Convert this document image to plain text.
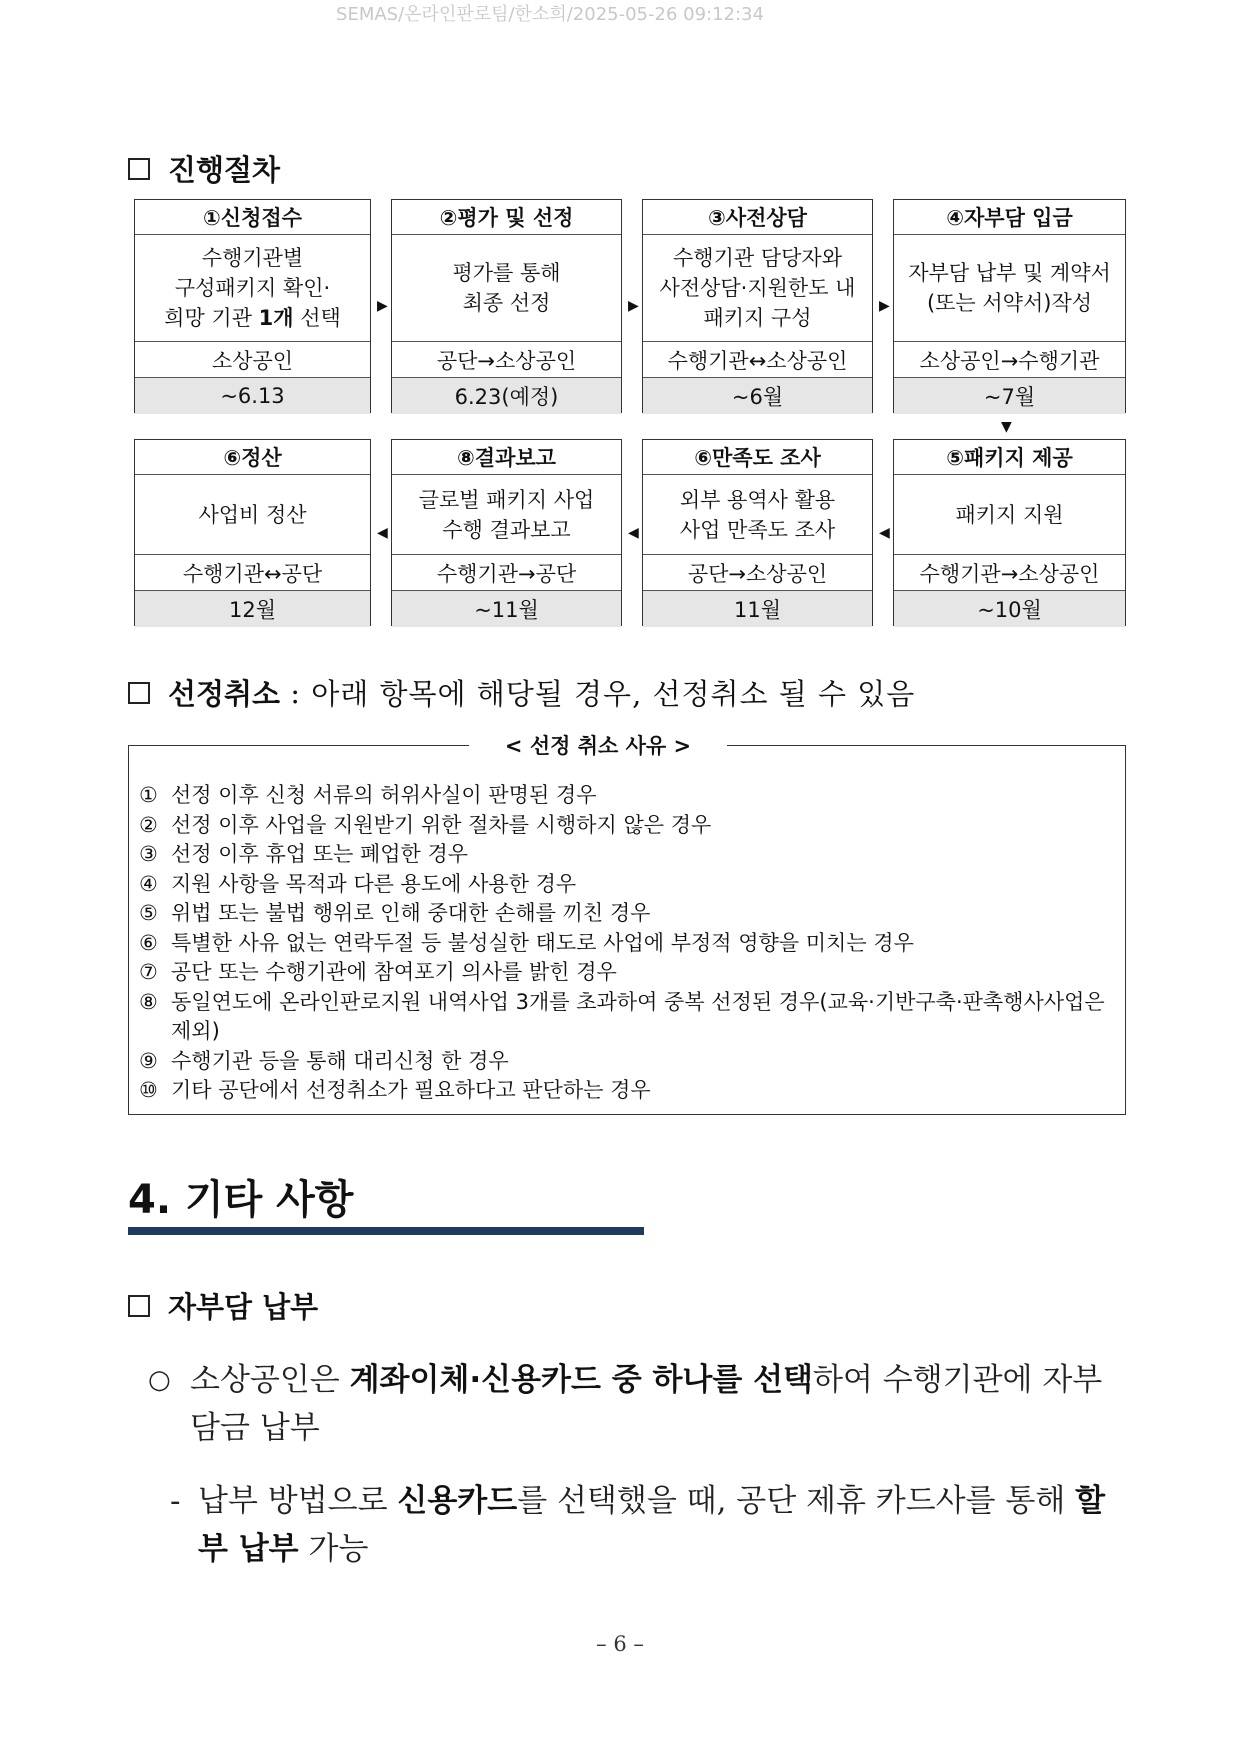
SEMAS/온라인판로팀/한소희/2025-05-26 09:12:34
진행절차
①신청접수
수행기관별
구성패키지 확인·
희망 기관 1개 선택
소상공인
~6.13
▶
②평가 및 선정
평가를 통해
최종 선정
공단→소상공인
6.23(예정)
▶
③사전상담
수행기관 담당자와
사전상담·지원한도 내
패키지 구성
수행기관↔소상공인
~6월
▶
④자부담 입금
자부담 납부 및 계약서
(또는 서약서)작성
소상공인→수행기관
~7월
▼
⑥정산
사업비 정산
수행기관↔공단
12월
◀
⑧결과보고
글로벌 패키지 사업
수행 결과보고
수행기관→공단
~11월
◀
⑥만족도 조사
외부 용역사 활용
사업 만족도 조사
공단→소상공인
11월
◀
⑤패키지 제공
패키지 지원
수행기관→소상공인
~10월
선정취소 : 아래 항목에 해당될 경우, 선정취소 될 수 있음
< 선정 취소 사유 >
① 선정 이후 신청 서류의 허위사실이 판명된 경우
② 선정 이후 사업을 지원받기 위한 절차를 시행하지 않은 경우
③ 선정 이후 휴업 또는 폐업한 경우
④ 지원 사항을 목적과 다른 용도에 사용한 경우
⑤ 위법 또는 불법 행위로 인해 중대한 손해를 끼친 경우
⑥ 특별한 사유 없는 연락두절 등 불성실한 태도로 사업에 부정적 영향을 미치는 경우
⑦ 공단 또는 수행기관에 참여포기 의사를 밝힌 경우
⑧ 동일연도에 온라인판로지원 내역사업 3개를 초과하여 중복 선정된 경우(교육·기반구축·판촉행사사업은 제외)
⑨ 수행기관 등을 통해 대리신청 한 경우
⑩ 기타 공단에서 선정취소가 필요하다고 판단하는 경우
4. 기타 사항
자부담 납부
○ 소상공인은 계좌이체·신용카드 중 하나를 선택하여 수행기관에 자부담금 납부
- 납부 방법으로 신용카드를 선택했을 때, 공단 제휴 카드사를 통해 할부 납부 가능
– 6 –
